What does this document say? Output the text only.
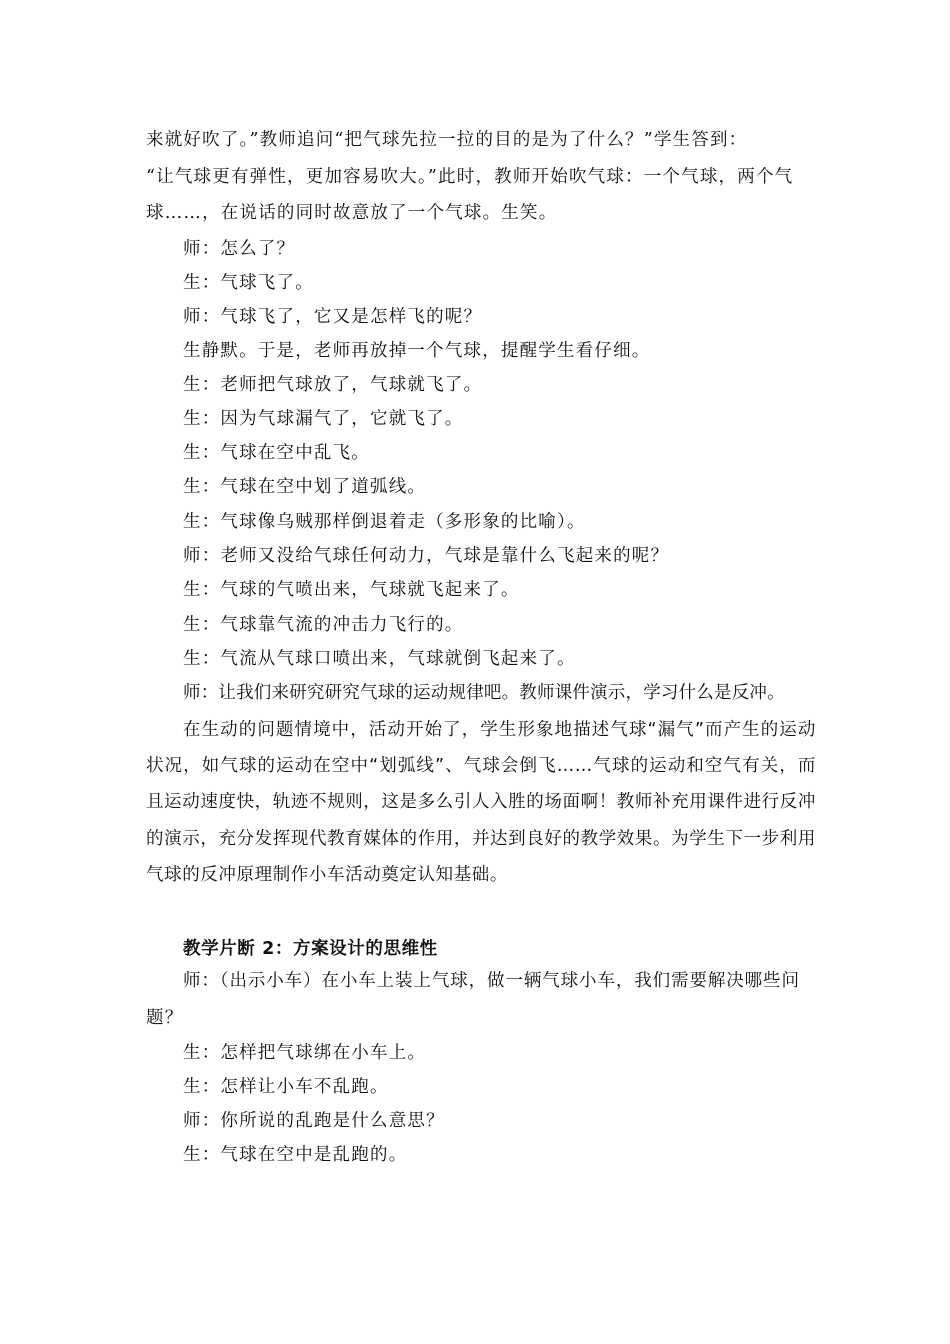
来就好吹了。”教师追问“把气球先拉一拉的目的是为了什么？”学生答到：
“让气球更有弹性，更加容易吹大。”此时，教师开始吹气球：一个气球，两个气
球……，在说话的同时故意放了一个气球。生笑。
师：怎么了？
生：气球飞了。
师：气球飞了，它又是怎样飞的呢？
生静默。于是，老师再放掉一个气球，提醒学生看仔细。
生：老师把气球放了，气球就飞了。
生：因为气球漏气了，它就飞了。
生：气球在空中乱飞。
生：气球在空中划了道弧线。
生：气球像乌贼那样倒退着走（多形象的比喻）。
师：老师又没给气球任何动力，气球是靠什么飞起来的呢？
生：气球的气喷出来，气球就飞起来了。
生：气球靠气流的冲击力飞行的。
生：气流从气球口喷出来，气球就倒飞起来了。
师：让我们来研究研究气球的运动规律吧。教师课件演示，学习什么是反冲。
在生动的问题情境中，活动开始了，学生形象地描述气球“漏气”而产生的运动状况，如气球的运动在空中“划弧线”、气球会倒飞……气球的运动和空气有关，而且运动速度快，轨迹不规则，这是多么引人入胜的场面啊！教师补充用课件进行反冲的演示，充分发挥现代教育媒体的作用，并达到良好的教学效果。为学生下一步利用气球的反冲原理制作小车活动奠定认知基础。
教学片断 2：方案设计的思维性
师：（出示小车）在小车上装上气球，做一辆气球小车，我们需要解决哪些问
题？
生：怎样把气球绑在小车上。
生：怎样让小车不乱跑。
师：你所说的乱跑是什么意思？
生：气球在空中是乱跑的。
